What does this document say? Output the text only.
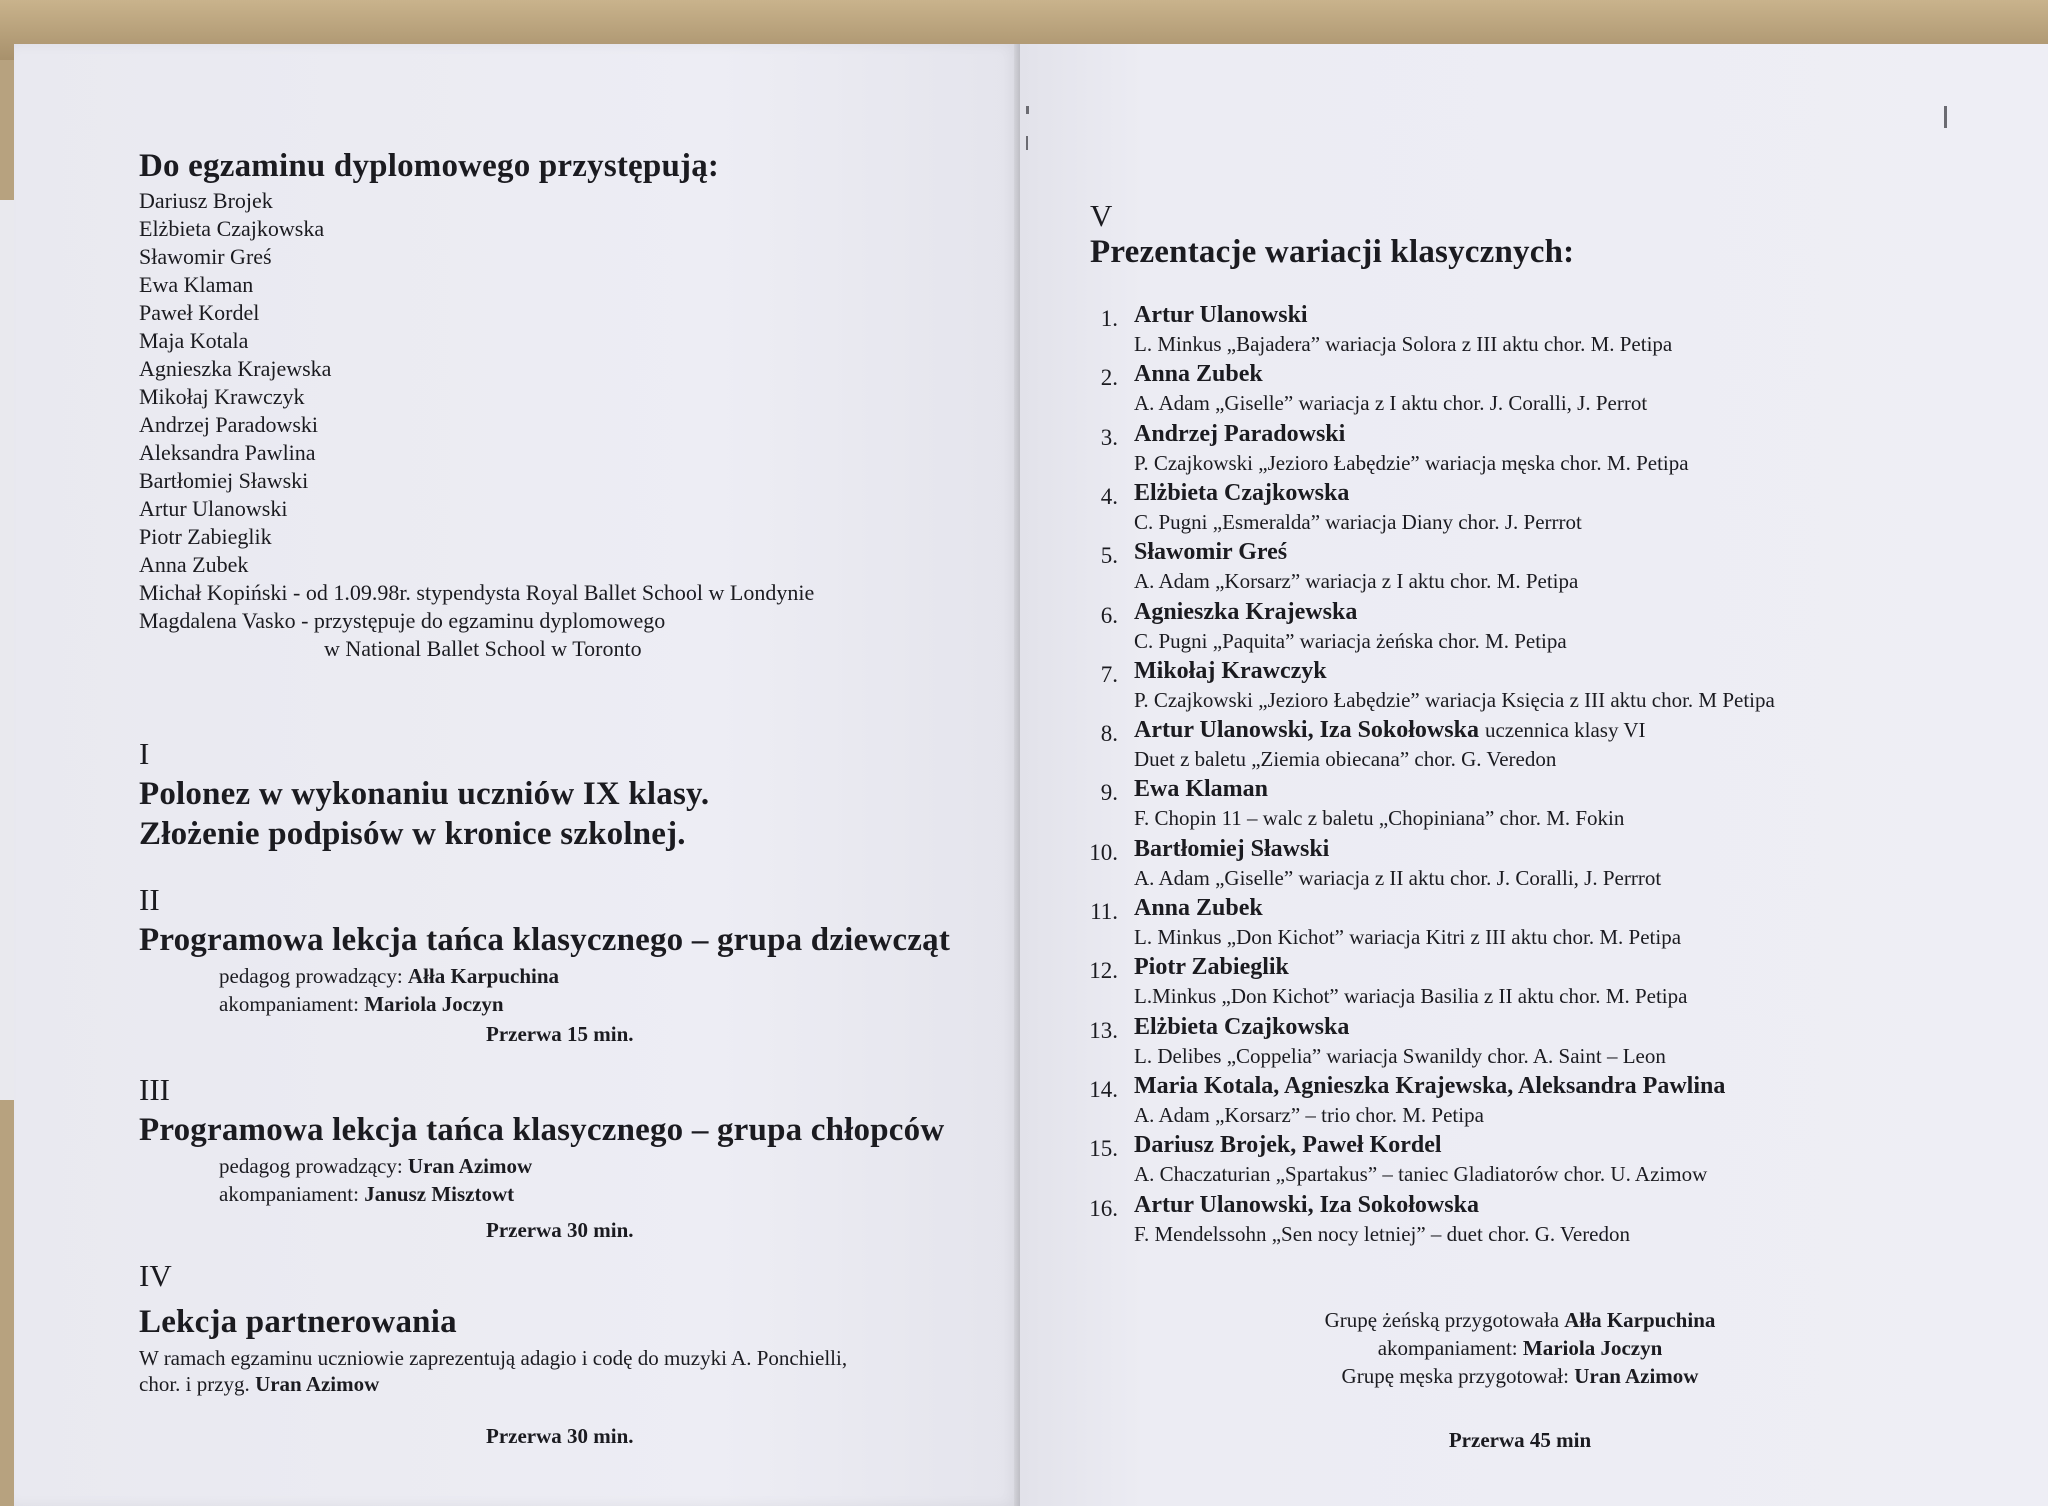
Do egzaminu dyplomowego przystępują:
Dariusz Brojek
Elżbieta Czajkowska
Sławomir Greś
Ewa Klaman
Paweł Kordel
Maja Kotala
Agnieszka Krajewska
Mikołaj Krawczyk
Andrzej Paradowski
Aleksandra Pawlina
Bartłomiej Sławski
Artur Ulanowski
Piotr Zabieglik
Anna Zubek
Michał Kopiński - od 1.09.98r. stypendysta Royal Ballet School w Londynie
Magdalena Vasko - przystępuje do egzaminu dyplomowego
w National Ballet School w Toronto
I
Polonez w wykonaniu uczniów IX klasy.
Złożenie podpisów w kronice szkolnej.
II
Programowa lekcja tańca klasycznego – grupa dziewcząt
pedagog prowadzący: Ałła Karpuchina
akompaniament: Mariola Joczyn
Przerwa 15 min.
III
Programowa lekcja tańca klasycznego – grupa chłopców
pedagog prowadzący: Uran Azimow
akompaniament: Janusz Misztowt
Przerwa 30 min.
IV
Lekcja partnerowania
W ramach egzaminu uczniowie zaprezentują adagio i codę do muzyki A. Ponchielli,
chor. i przyg. Uran Azimow
Przerwa 30 min.
V
Prezentacje wariacji klasycznych:
1. Artur Ulanowski
L. Minkus „Bajadera” wariacja Solora z III aktu chor. M. Petipa
2. Anna Zubek
A. Adam „Giselle” wariacja z I aktu chor. J. Coralli, J. Perrot
3. Andrzej Paradowski
P. Czajkowski „Jezioro Łabędzie” wariacja męska chor. M. Petipa
4. Elżbieta Czajkowska
C. Pugni „Esmeralda” wariacja Diany chor. J. Perrrot
5. Sławomir Greś
A. Adam „Korsarz” wariacja z I aktu chor. M. Petipa
6. Agnieszka Krajewska
C. Pugni „Paquita” wariacja żeńska chor. M. Petipa
7. Mikołaj Krawczyk
P. Czajkowski „Jezioro Łabędzie” wariacja Księcia z III aktu chor. M Petipa
8. Artur Ulanowski, Iza Sokołowska uczennica klasy VI
Duet z baletu „Ziemia obiecana” chor. G. Veredon
9. Ewa Klaman
F. Chopin 11 – walc z baletu „Chopiniana” chor. M. Fokin
10. Bartłomiej Sławski
A. Adam „Giselle” wariacja z II aktu chor. J. Coralli, J. Perrrot
11. Anna Zubek
L. Minkus „Don Kichot” wariacja Kitri z III aktu chor. M. Petipa
12. Piotr Zabieglik
L.Minkus „Don Kichot” wariacja Basilia z II aktu chor. M. Petipa
13. Elżbieta Czajkowska
L. Delibes „Coppelia” wariacja Swanildy chor. A. Saint – Leon
14. Maria Kotala, Agnieszka Krajewska, Aleksandra Pawlina
A. Adam „Korsarz” – trio chor. M. Petipa
15. Dariusz Brojek, Paweł Kordel
A. Chaczaturian „Spartakus” – taniec Gladiatorów chor. U. Azimow
16. Artur Ulanowski, Iza Sokołowska
F. Mendelssohn „Sen nocy letniej” – duet chor. G. Veredon
Grupę żeńską przygotowała Ałła Karpuchina
akompaniament: Mariola Joczyn
Grupę męska przygotował: Uran Azimow
Przerwa 45 min
